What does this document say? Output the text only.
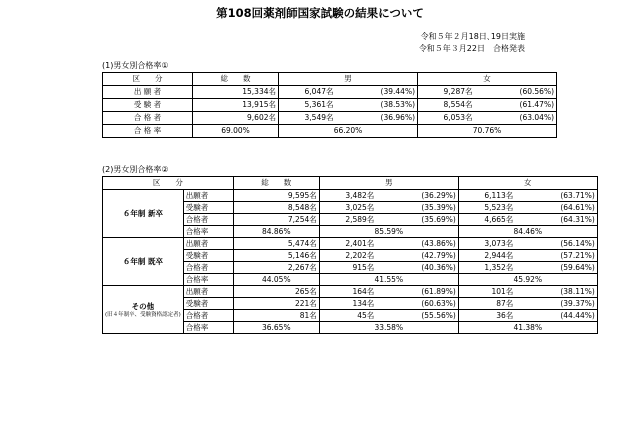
第108回薬剤師国家試験の結果について
令和５年２月18日､19日実施
令和５年３月22日　合格発表
(1)男女別合格率①
区　　分	総　　数	男		女	
出 願 者	15,334名	6,047名	(39.44%)	9,287名	(60.56%)
受 験 者	13,915名	5,361名	(38.53%)	8,554名	(61.47%)
合 格 者	9,602名	3,549名	(36.96%)	6,053名	(63.04%)
合 格 率	69.00%	66.20%		70.76%	
(2)男女別合格率②
区　　分		総　　数	男		女	
６年制 新卒	出願者	9,595名	3,482名	(36.29%)	6,113名	(63.71%)
	受験者	8,548名	3,025名	(35.39%)	5,523名	(64.61%)
	合格者	7,254名	2,589名	(35.69%)	4,665名	(64.31%)
	合格率	84.86%	85.59%		84.46%	
６年制 既卒	出願者	5,474名	2,401名	(43.86%)	3,073名	(56.14%)
	受験者	5,146名	2,202名	(42.79%)	2,944名	(57.21%)
	合格者	2,267名	915名	(40.36%)	1,352名	(59.64%)
	合格率	44.05%	41.55%		45.92%	
その他
(旧４年制卒、受験資格認定者)	出願者	265名	164名	(61.89%)	101名	(38.11%)
	受験者	221名	134名	(60.63%)	87名	(39.37%)
	合格者	81名	45名	(55.56%)	36名	(44.44%)
	合格率	36.65%	33.58%		41.38%	
